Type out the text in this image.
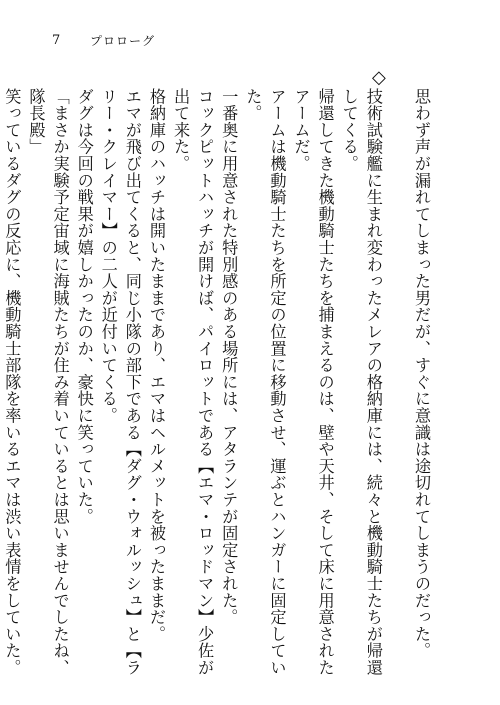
7 プロローグ
◇

思わず声が漏れてしまった男だが、すぐに意識は途切れてしまうのだった。

技術試験艦に生まれ変わったメレアの格納庫には、続々と機動騎士たちが帰還してくる。

帰還してきた機動騎士たちを捕まえるのは、壁や天井、そして床に用意されたアームだ。

アームは機動騎士たちを所定の位置に移動させ、運ぶとハンガーに固定していた。

一番奥に用意された特別感のある場所には、アタランテが固定された。

コックピットハッチが開けば、パイロットである【エマ・ロッドマン】少佐が出て来た。

格納庫のハッチは開いたままであり、エマはヘルメットを被ったままだ。

エマが飛び出てくると、同じ小隊の部下である【ダグ・ウォルッシュ】と【ラリー・クレイマー】の二人が近付いてくる。

ダグは今回の戦果が嬉しかったのか、豪快に笑っていた。

「まさか実験予定宙域に海賊たちが住み着いているとは思いませんでしたね、隊長殿」

笑っているダグの反応に、機動騎士部隊を率いるエマは渋い表情をしていた。
